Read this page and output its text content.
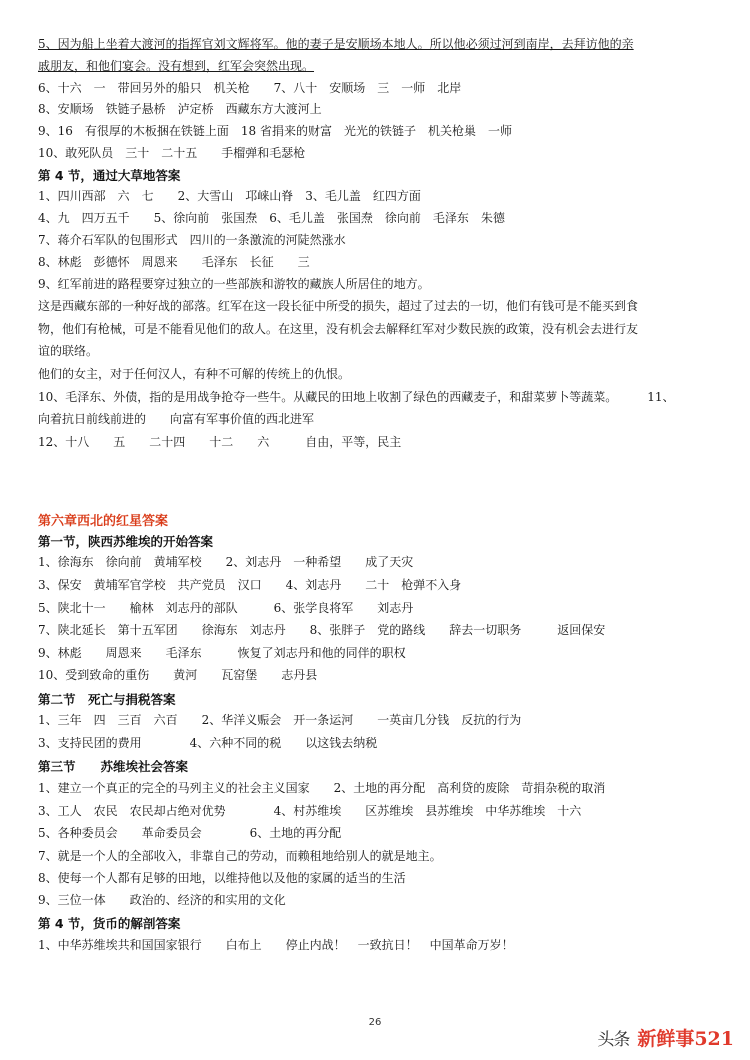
5、因为船上坐着大渡河的指挥官刘文辉将军。他的妻子是安顺场本地人。所以他必须过河到南岸，去拜访他的亲
戚朋友，和他们宴会。没有想到，红军会突然出现。
6、十六　一　带回另外的船只　机关枪　　7、八十　安顺场　三　一师　北岸
8、安顺场　铁链子悬桥　泸定桥　西藏东方大渡河上
9、16　有很厚的木板捆在铁链上面　18 省捐来的财富　光光的铁链子　机关枪巢　一师
10、敢死队员　三十　二十五　　手榴弹和毛瑟枪
第 4 节，通过大草地答案
1、四川西部　六　七　　2、大雪山　邛崃山脊　3、毛儿盖　红四方面
4、九　四万五千　　5、徐向前　张国焘　6、毛儿盖　张国焘　徐向前　毛泽东　朱德
7、蒋介石军队的包围形式　四川的一条激流的河陡然涨水
8、林彪　彭德怀　周恩来　　毛泽东　长征　　三
9、红军前进的路程要穿过独立的一些部族和游牧的藏族人所居住的地方。
这是西藏东部的一种好战的部落。红军在这一段长征中所受的损失，超过了过去的一切，他们有钱可是不能买到食
物，他们有枪械，可是不能看见他们的敌人。在这里，没有机会去解释红军对少数民族的政策，没有机会去进行友
谊的联络。
他们的女主，对于任何汉人，有种不可解的传统上的仇恨。
10、毛泽东、外债，指的是用战争抢夺一些牛。从藏民的田地上收割了绿色的西藏麦子，和甜菜萝卜等蔬菜。　　　11、
向着抗日前线前进的　　向富有军事价值的西北进军
12、十八　　五　　二十四　　十二　　六　　　自由，平等，民主
第六章西北的红星答案
第一节，陕西苏维埃的开始答案
1、徐海东　徐向前　黄埔军校　　2、刘志丹　一种希望　　成了天灾
3、保安　黄埔军官学校　共产党员　汉口　　4、刘志丹　　二十　枪弹不入身
5、陕北十一　　榆林　刘志丹的部队　　　6、张学良将军　　刘志丹
7、陕北延长　第十五军团　　徐海东　刘志丹　　8、张胖子　党的路线　　辞去一切职务　　　返回保安
9、林彪　　周恩来　　毛泽东　　　恢复了刘志丹和他的同伴的职权
10、受到致命的重伤　　黄河　　瓦窑堡　　志丹县
第二节　死亡与捐税答案
1、三年　四　三百　六百　　2、华洋义赈会　开一条运河　　一英亩几分钱　反抗的行为
3、支持民团的费用　　　　4、六种不同的税　　以这钱去纳税
第三节　　苏维埃社会答案
1、建立一个真正的完全的马列主义的社会主义国家　　2、土地的再分配　高利贷的废除　苛捐杂税的取消
3、工人　农民　农民却占绝对优势　　　　4、村苏维埃　　区苏维埃　县苏维埃　中华苏维埃　十六
5、各种委员会　　革命委员会　　　　6、土地的再分配
7、就是一个人的全部收入，非靠自己的劳动，而赖租地给别人的就是地主。
8、使每一个人都有足够的田地，以维持他以及他的家属的适当的生活
9、三位一体　　政治的、经济的和实用的文化
第 4 节，货币的解剖答案
1、中华苏维埃共和国国家银行　　白布上　　停止内战！　一致抗日！　中国革命万岁！
26
头条 新鲜事521
